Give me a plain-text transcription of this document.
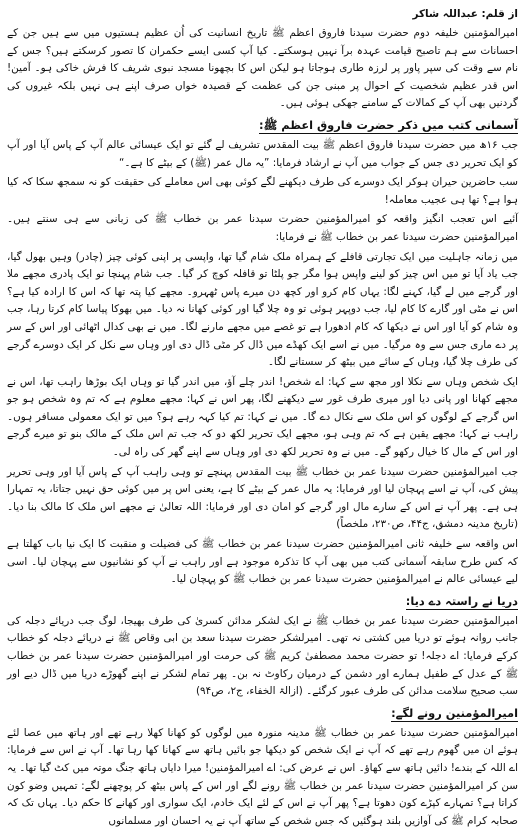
از قلم: عبداللہ شاکر

امیرالمؤمنین خلیفہ دوم حضرت سیدنا فاروق اعظم ﷺ تاریخ انسانیت کی اُن عظیم ہستیوں میں سے ہیں جن کے احسانات سے ہم تاصبح قیامت عہدہ برآ نہیں ہوسکتے۔ کیا آپ کسی ایسے حکمران کا تصور کرسکتے ہیں؟ جس کے نام سے وقت کی سپر پاور پر لرزہ طاری ہوجاتا ہو لیکن اس کا بچھونا مسجد نبوی شریف کا فرش خاکی ہو۔ آمین! اس قدر عظیم شخصیت کے احوال پر مبنی جن کی عظمت کے قصیدہ خواں صرف اپنے ہی نہیں بلکہ غیروں کی گردنیں بھی آپ کے کمالات کے سامنے جھکی ہوئی ہیں۔

آسمانی کتب میں ذکر حضرت فاروق اعظم ﷺ:

جب ۱۶ھ میں حضرت سیدنا فاروق اعظم ﷺ بیت المقدس تشریف لے گئے تو ایک عیسائی عالم آپ کے پاس آیا اور آپ کو ایک تحریر دی جس کے جواب میں آپ نے ارشاد فرمایا: ”یہ مال عمر (ﷺ) کے بیٹے کا ہے۔“

سب حاضرین حیران ہوکر ایک دوسرے کی طرف دیکھنے لگے کوئی بھی اس معاملے کی حقیقت کو نہ سمجھ سکا کہ کیا ہوا ہے؟ تھا ہی عجیب معاملہ!

آئیے اس تعجب انگیز واقعہ کو امیرالمؤمنین حضرت سیدنا عمر بن خطاب ﷺ کی زبانی سے ہی سنتے ہیں۔ امیرالمؤمنین حضرت سیدنا عمر بن خطاب ﷺ نے فرمایا:

میں زمانہ جاہلیت میں ایک تجارتی قافلے کے ہمراہ ملک شام گیا تھا، واپسی پر اپنی کوئی چیز (چادر) وہیں بھول گیا، جب یاد آیا تو میں اس چیز کو لینے واپس ہوا مگر جو پلٹا تو قافلہ کوچ کر گیا۔ جب شام پہنچا تو ایک پادری مجھے ملا اور گرجے میں لے گیا، کہنے لگا: یہاں کام کرو اور کچھ دن میرے پاس ٹھہرو۔ مجھے کیا پتہ تھا کہ اس کا ارادہ کیا ہے؟ اس نے مٹی اور گارے کا کام لیا، جب دوپہر ہوئی تو وہ چلا گیا اور کوئی کھانا نہ دیا۔ میں بھوکا پیاسا کام کرتا رہا، جب وہ شام کو آیا اور اس نے دیکھا کہ کام ادھورا ہے تو غصے میں مجھے مارنے لگا۔ میں نے بھی کدال اٹھائی اور اس کے سر پر دے ماری جس سے وہ مرگیا۔ میں نے اسے ایک کھڈے میں ڈال کر مٹی ڈال دی اور وہاں سے نکل کر ایک دوسرے گرجے کی طرف چلا گیا، وہاں کے سائے میں بیٹھ کر سستانے لگا۔

ایک شخص وہاں سے نکلا اور مجھ سے کہا: اے شخص! اندر چلے آؤ، میں اندر گیا تو وہاں ایک بوڑھا راہب تھا، اس نے مجھے کھانا اور پانی دیا اور میری طرف غور سے دیکھنے لگا، پھر اس نے کہا: مجھے معلوم ہے کہ تم وہ شخص ہو جو اس گرجے کے لوگوں کو اس ملک سے نکال دے گا۔ میں نے کہا: تم کیا کہہ رہے ہو؟ میں تو ایک معمولی مسافر ہوں۔ راہب نے کہا: مجھے یقین ہے کہ تم وہی ہو، مجھے ایک تحریر لکھ دو کہ جب تم اس ملک کے مالک بنو تو میرے گرجے اور اس کے مال کا خیال رکھو گے۔ میں نے وہ تحریر لکھ دی اور وہاں سے اپنے گھر کی راہ لی۔

جب امیرالمؤمنین حضرت سیدنا عمر بن خطاب ﷺ بیت المقدس پہنچے تو وہی راہب آپ کے پاس آیا اور وہی تحریر پیش کی، آپ نے اسے پہچان لیا اور فرمایا: یہ مال عمر کے بیٹے کا ہے، یعنی اس پر میں کوئی حق نہیں جتاتا، یہ تمہارا ہی ہے۔ پھر آپ نے اس کے سارے مال اور گرجے کو امان دی اور فرمایا: اللہ تعالیٰ نے مجھے اس ملک کا مالک بنا دیا۔ (تاریخ مدینہ دمشق، ج۴۴، ص۲۳۰، ملخصاً)

اس واقعہ سے خلیفہ ثانی امیرالمؤمنین حضرت سیدنا عمر بن خطاب ﷺ کی فضیلت و منقبت کا ایک نیا باب کھلتا ہے کہ کس طرح سابقہ آسمانی کتب میں بھی آپ کا تذکرہ موجود ہے اور راہب نے آپ کو نشانیوں سے پہچان لیا۔ اسی لیے عیسائی عالم نے امیرالمؤمنین حضرت سیدنا عمر بن خطاب ﷺ کو پہچان لیا۔

دریا نے راستہ دے دیا:

امیرالمؤمنین حضرت سیدنا عمر بن خطاب ﷺ نے ایک لشکر مدائن کسریٰ کی طرف بھیجا، لوگ جب دریائے دجلہ کی جانب روانہ ہوئے تو دریا میں کشتی نہ تھی۔ امیرلشکر حضرت سیدنا سعد بن ابی وقاص ﷺ نے دریائے دجلہ کو خطاب کرکے فرمایا: اے دجلہ! تو حضرت محمد مصطفیٰ کریم ﷺ کی حرمت اور امیرالمؤمنین حضرت سیدنا عمر بن خطاب ﷺ کے عدل کے طفیل ہمارے اور دشمن کے درمیان رکاوٹ نہ بن۔ پھر تمام لشکر نے اپنے گھوڑے دریا میں ڈال دیے اور سب صحیح سلامت مدائن کی طرف عبور کرگئے۔ (ازالۃ الخفاء، ج۲، ص۹۴)

امیرالمؤمنین رونے لگے:

امیرالمؤمنین حضرت سیدنا عمر بن خطاب ﷺ مدینہ منورہ میں لوگوں کو کھانا کھلا رہے تھے اور ہاتھ میں عصا لئے ہوئے ان میں گھوم رہے تھے کہ آپ نے ایک شخص کو دیکھا جو بائیں ہاتھ سے کھانا کھا رہا تھا۔ آپ نے اس سے فرمایا: اے اللہ کے بندے! دائیں ہاتھ سے کھاؤ۔ اس نے عرض کی: اے امیرالمؤمنین! میرا دایاں ہاتھ جنگ موتہ میں کٹ گیا تھا۔ یہ سن کر امیرالمؤمنین حضرت سیدنا عمر بن خطاب ﷺ رونے لگے اور اس کے پاس بیٹھ کر پوچھنے لگے: تمہیں وضو کون کراتا ہے؟ تمہارے کپڑے کون دھوتا ہے؟ پھر آپ نے اس کے لئے ایک خادم، ایک سواری اور کھانے کا حکم دیا۔ یہاں تک کہ صحابہ کرام ﷺ کی آوازیں بلند ہوگئیں کہ جس شخص کے ساتھ آپ نے یہ احسان اور مسلمانوں
